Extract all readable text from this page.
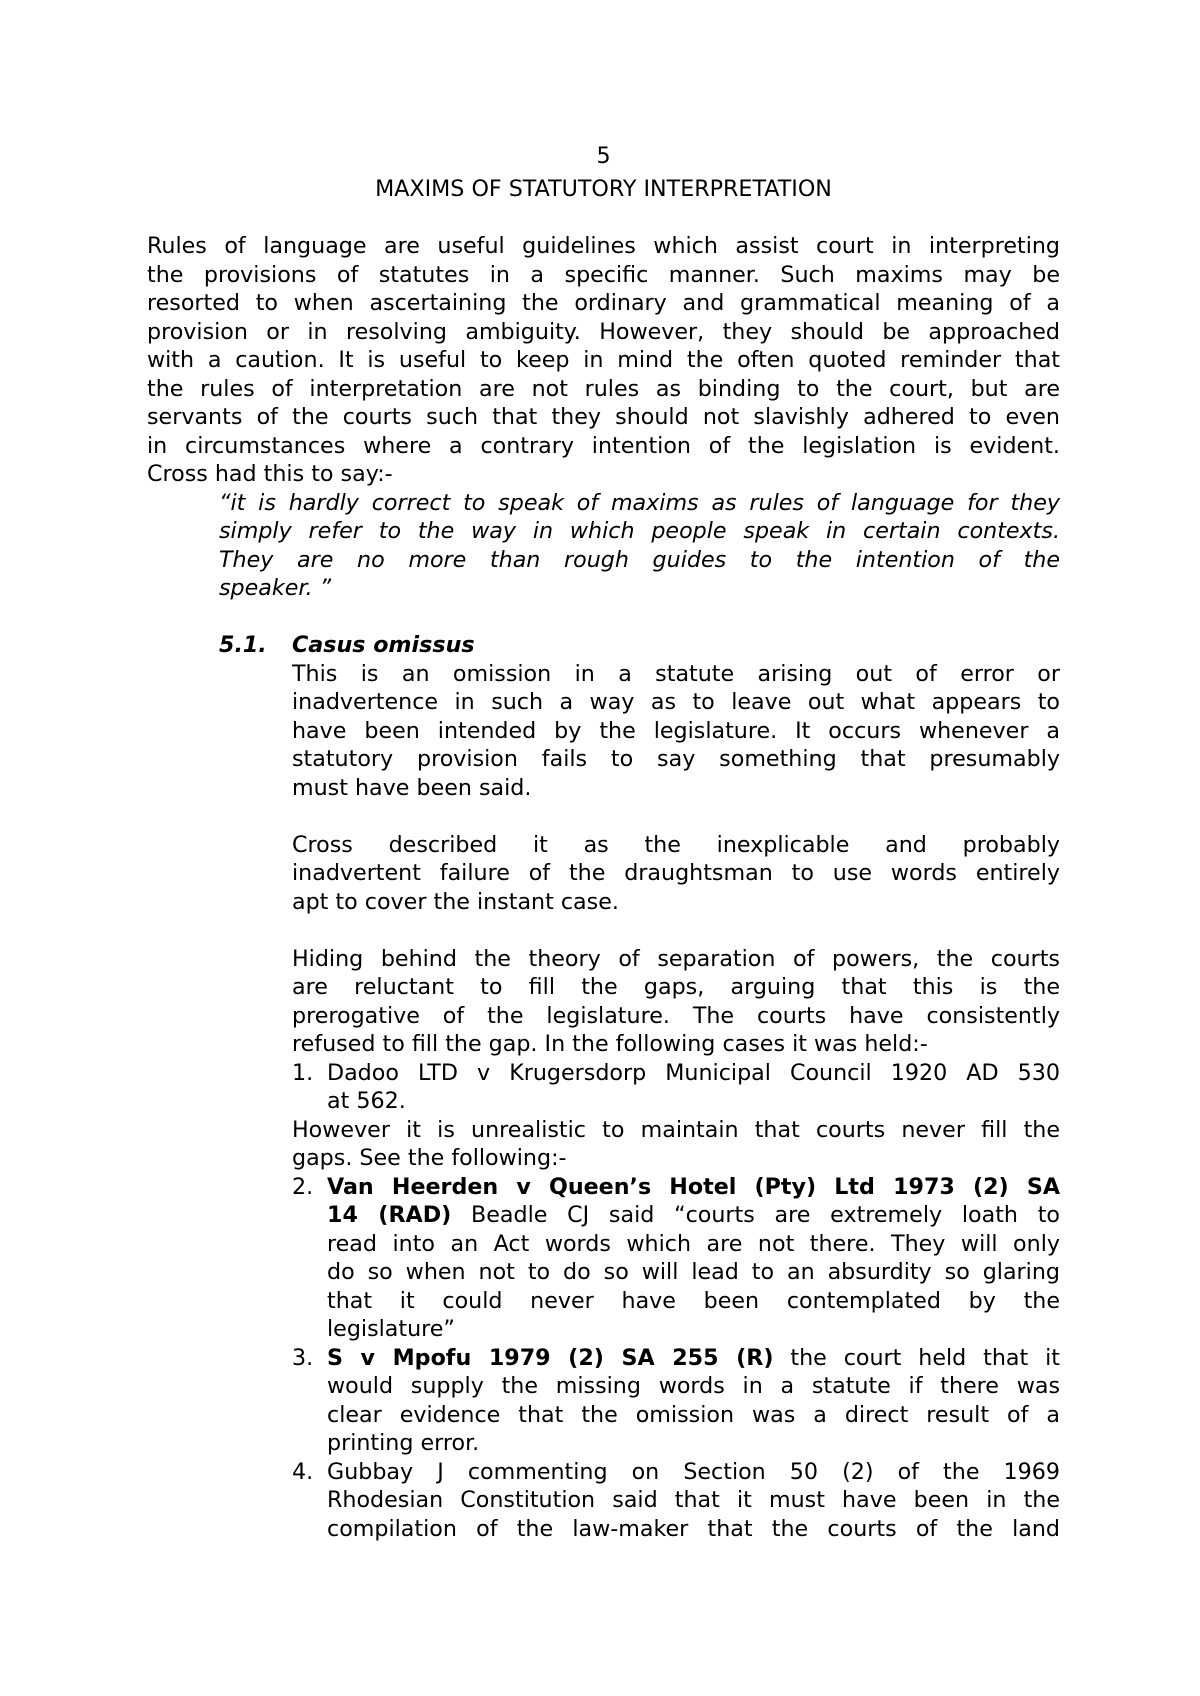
5
MAXIMS OF STATUTORY INTERPRETATION
Rules of language are useful guidelines which assist court in interpreting
the provisions of statutes in a specific manner. Such maxims may be
resorted to when ascertaining the ordinary and grammatical meaning of a
provision or in resolving ambiguity. However, they should be approached
with a caution. It is useful to keep in mind the often quoted reminder that
the rules of interpretation are not rules as binding to the court, but are
servants of the courts such that they should not slavishly adhered to even
in circumstances where a contrary intention of the legislation is evident.
Cross had this to say:-
“it is hardly correct to speak of maxims as rules of language for they
simply refer to the way in which people speak in certain contexts.
They are no more than rough guides to the intention of the
speaker. ”
5.1. Casus omissus
This is an omission in a statute arising out of error or
inadvertence in such a way as to leave out what appears to
have been intended by the legislature. It occurs whenever a
statutory provision fails to say something that presumably
must have been said.
Cross described it as the inexplicable and probably
inadvertent failure of the draughtsman to use words entirely
apt to cover the instant case.
Hiding behind the theory of separation of powers, the courts
are reluctant to fill the gaps, arguing that this is the
prerogative of the legislature. The courts have consistently
refused to fill the gap. In the following cases it was held:-
1. Dadoo LTD v Krugersdorp Municipal Council 1920 AD 530
at 562.
However it is unrealistic to maintain that courts never fill the
gaps. See the following:-
2. Van Heerden v Queen’s Hotel (Pty) Ltd 1973 (2) SA
14 (RAD) Beadle CJ said “courts are extremely loath to
read into an Act words which are not there. They will only
do so when not to do so will lead to an absurdity so glaring
that it could never have been contemplated by the
legislature”
3. S v Mpofu 1979 (2) SA 255 (R) the court held that it
would supply the missing words in a statute if there was
clear evidence that the omission was a direct result of a
printing error.
4. Gubbay J commenting on Section 50 (2) of the 1969
Rhodesian Constitution said that it must have been in the
compilation of the law-maker that the courts of the land
